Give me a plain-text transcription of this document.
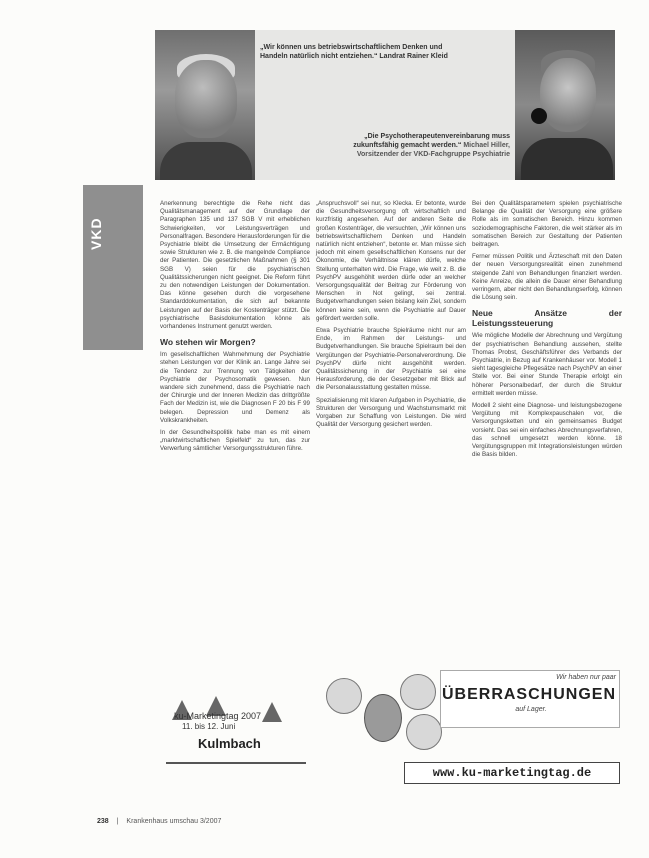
„Wir können uns betriebswirtschaftlichem Denken und Handeln natürlich nicht entziehen.“ Landrat Rainer Kleid
„Die Psychotherapeutenvereinbarung muss zukunftsfähig gemacht werden.“ Michael Hiller, Vorsitzender der VKD-Fachgruppe Psychiatrie
VKD

Anerkennung berechtigte die Rehe nicht das Qualitätsmanagement auf der Grundlage der Paragraphen 135 und 137 SGB V mit erheblichen Schwierigkeiten, vor Leistungsverträgen und Personalfragen. Besondere Herausforderungen für die Psychiatrie bleibt die Umsetzung der Ermächtigung sowie Strukturen wie z. B. die mangelnde Compliance der Patienten. Die gesetzlichen Maßnahmen (§ 301 SGB V) seien für die psychiatrischen Qualitätssicherungen nicht geeignet. Die Reform führt zu den notwendigen Leistungen der Dokumentation. Das könne gesehen durch die vorgesehene Standarddokumentation, die sich auf bekannte Leistungen auf der Basis der Kostenträger stützt. Die psychiatrische Basisdokumentation könne als vorhandenes Instrument genutzt werden.

Wo stehen wir Morgen?

Im gesellschaftlichen Wahrnehmung der Psychiatrie stehen Leistungen vor der Klinik an. Lange Jahre sei die Tendenz zur Trennung von Tätigkeiten der Psychiatrie der Psychosomatik gewesen. Nun wandere sich zunehmend, dass die Psychiatrie nach der Chirurgie und der Inneren Medizin das drittgrößte Fach der Medizin ist, wie die Diagnosen F 20 bis F 99 belegen. Depression und Demenz als Volkskrankheiten.

In der Gesundheitspolitik habe man es mit einem „marktwirtschaftlichen Spielfeld“ zu tun, das zur Verwerfung sämtlicher Versorgungsstrukturen führe.

„Anspruchsvoll“ sei nur, so Klecka. Er betonte, wurde die Gesundheitsversorgung oft wirtschaftlich und kurzfristig angesehen. Auf der anderen Seite die großen Kostenträger, die versuchten, „Wir können uns betriebswirtschaftlichem Denken und Handeln natürlich nicht entziehen“, betonte er. Man müsse sich jedoch mit einem gesellschaftlichen Konsens nur der Ökonomie, die Verhältnisse klären dürfe, welche Stellung unterhalten wird. Die Frage, wie weit z. B. die PsychPV ausgehöhlt werden dürfe oder an welcher Versorgungsqualität der Beitrag zur Förderung von Menschen in Not gelingt, sei zentral. Budgetverhandlungen seien bislang kein Ziel, sondern können keine sein, wenn die Psychiatrie auf Dauer gefördert werden solle.

Etwa Psychiatrie brauche Spielräume nicht nur am Ende, im Rahmen der Leistungs- und Budgetverhandlungen. Sie brauche Spielraum bei den Vergütungen der Psychiatrie-Personalverordnung. Die PsychPV dürfe nicht ausgehöhlt werden. Qualitätssicherung in der Psychiatrie sei eine Herausforderung, die der Gesetzgeber mit Blick auf die Personalausstattung gestalten müsse.

Spezialisierung mit klaren Aufgaben in Psychiatrie, die Strukturen der Versorgung und Wachstumsmarkt mit Vorgaben zur Schaffung von Leistungen. Die wird Qualität der Versorgung gesichert werden.

Bei den Qualitätsparametern spielen psychiatrische Belange die Qualität der Versorgung eine größere Rolle als im somatischen Bereich. Hinzu kommen soziodemographische Faktoren, die weit stärker als im somatischen Bereich zur Gestaltung der Patienten beitragen.

Ferner müssen Politik und Ärzteschaft mit den Daten der neuen Versorgungsrealität einen zunehmend steigende Zahl von Behandlungen finanziert werden. Keine Anreize, die allein die Dauer einer Behandlung verringern, aber nicht den Behandlungserfolg, können die Lösung sein.

Neue Ansätze der Leistungssteuerung

Wie mögliche Modelle der Abrechnung und Vergütung der psychiatrischen Behandlung aussehen, stellte Thomas Probst, Geschäftsführer des Verbands der Psychiatrie, in Bezug auf Krankenhäuser vor. Modell 1 sieht tagesgleiche Pflegesätze nach PsychPV an einer Stelle vor. Bei einer Stunde Therapie erfolgt ein höherer Personalbedarf, der durch die Struktur ermittelt werden müsse.

Modell 2 sieht eine Diagnose- und leistungsbezogene Vergütung mit Komplexpauschalen vor, die Versorgungsketten und ein gemeinsames Budget vorsieht. Das sei ein einfaches Abrechnungsverfahren, das schnell umgesetzt werden könne. 18 Vergütungsgruppen mit Integrationsleistungen würden die Basis bilden.

ku-Marketingtag 2007
11. bis 12. Juni
Kulmbach
Wir haben nur paar
ÜBERRASCHUNGEN
auf Lager.
www.ku-marketingtag.de
238 | Krankenhaus umschau 3/2007
